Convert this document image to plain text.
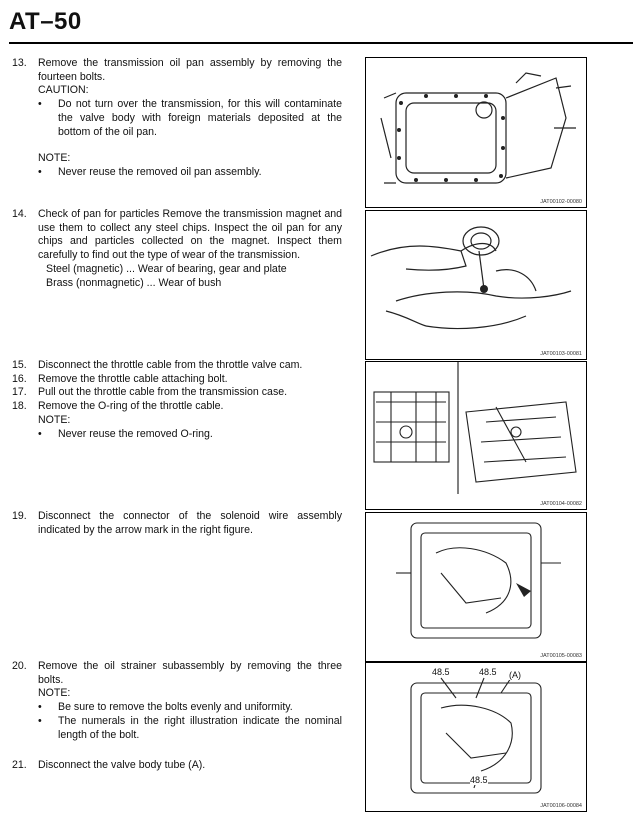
AT–50
13.	Remove the transmission oil pan assembly by removing the fourteen bolts.
CAUTION:
•	Do not turn over the transmission, for this will contaminate the valve body with foreign materials deposited at the bottom of the oil pan.
NOTE:
•	Never reuse the removed oil pan assembly.
14.	Check of pan for particles Remove the transmission magnet and use them to collect any steel chips. Inspect the oil pan for any chips and particles collected on the magnet. Inspect them carefully to find out the type of wear of the transmission.
Steel (magnetic) ... Wear of bearing, gear and plate
Brass (nonmagnetic) ... Wear of bush
15.	Disconnect the throttle cable from the throttle valve cam.
16.	Remove the throttle cable attaching bolt.
17.	Pull out the throttle cable from the transmission case.
18.	Remove the O-ring of the throttle cable.
NOTE:
•	Never reuse the removed O-ring.
19.	Disconnect the connector of the solenoid wire assembly indicated by the arrow mark in the right figure.
20.	Remove the oil strainer subassembly by removing the three bolts.
NOTE:
•	Be sure to remove the bolts evenly and uniformity.
•	The numerals in the right illustration indicate the nominal length of the bolt.
21.	Disconnect the valve body tube (A).
JAT00102-00080
JAT00103-00081
JAT00104-00082
JAT00105-00083
48.5	48.5 (A)
48.5
JAT00106-00084
